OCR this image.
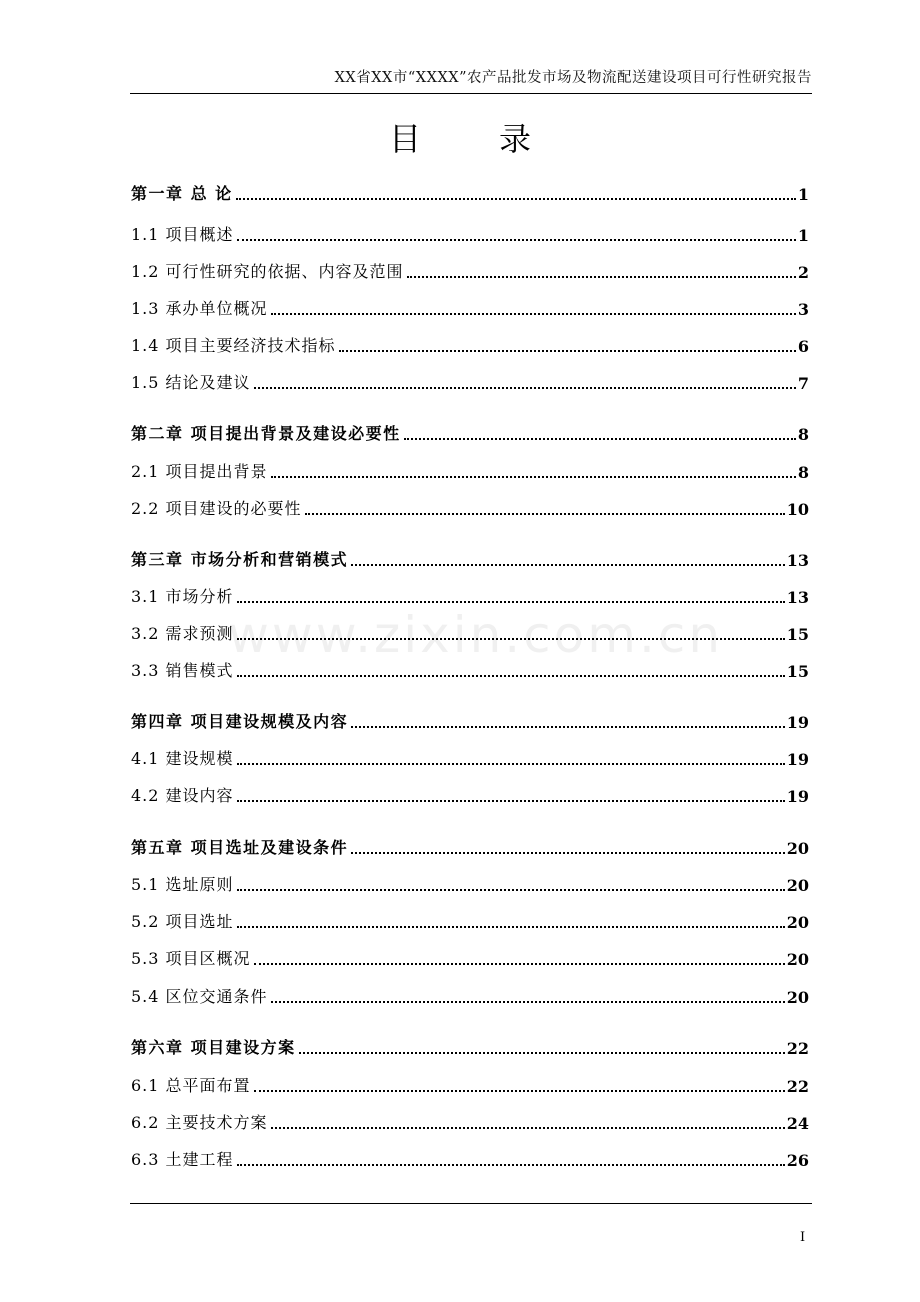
XX省XX市“XXXX”农产品批发市场及物流配送建设项目可行性研究报告
目录
www.zixin.com.cn
第一章 总 论	1
1.1 项目概述	1
1.2 可行性研究的依据、内容及范围	2
1.3 承办单位概况	3
1.4 项目主要经济技术指标	6
1.5 结论及建议	7
第二章 项目提出背景及建设必要性	8
2.1 项目提出背景	8
2.2 项目建设的必要性	10
第三章 市场分析和营销模式	13
3.1 市场分析	13
3.2 需求预测	15
3.3 销售模式	15
第四章 项目建设规模及内容	19
4.1 建设规模	19
4.2 建设内容	19
第五章 项目选址及建设条件	20
5.1 选址原则	20
5.2 项目选址	20
5.3 项目区概况	20
5.4 区位交通条件	20
第六章 项目建设方案	22
6.1 总平面布置	22
6.2 主要技术方案	24
6.3 土建工程	26
I
